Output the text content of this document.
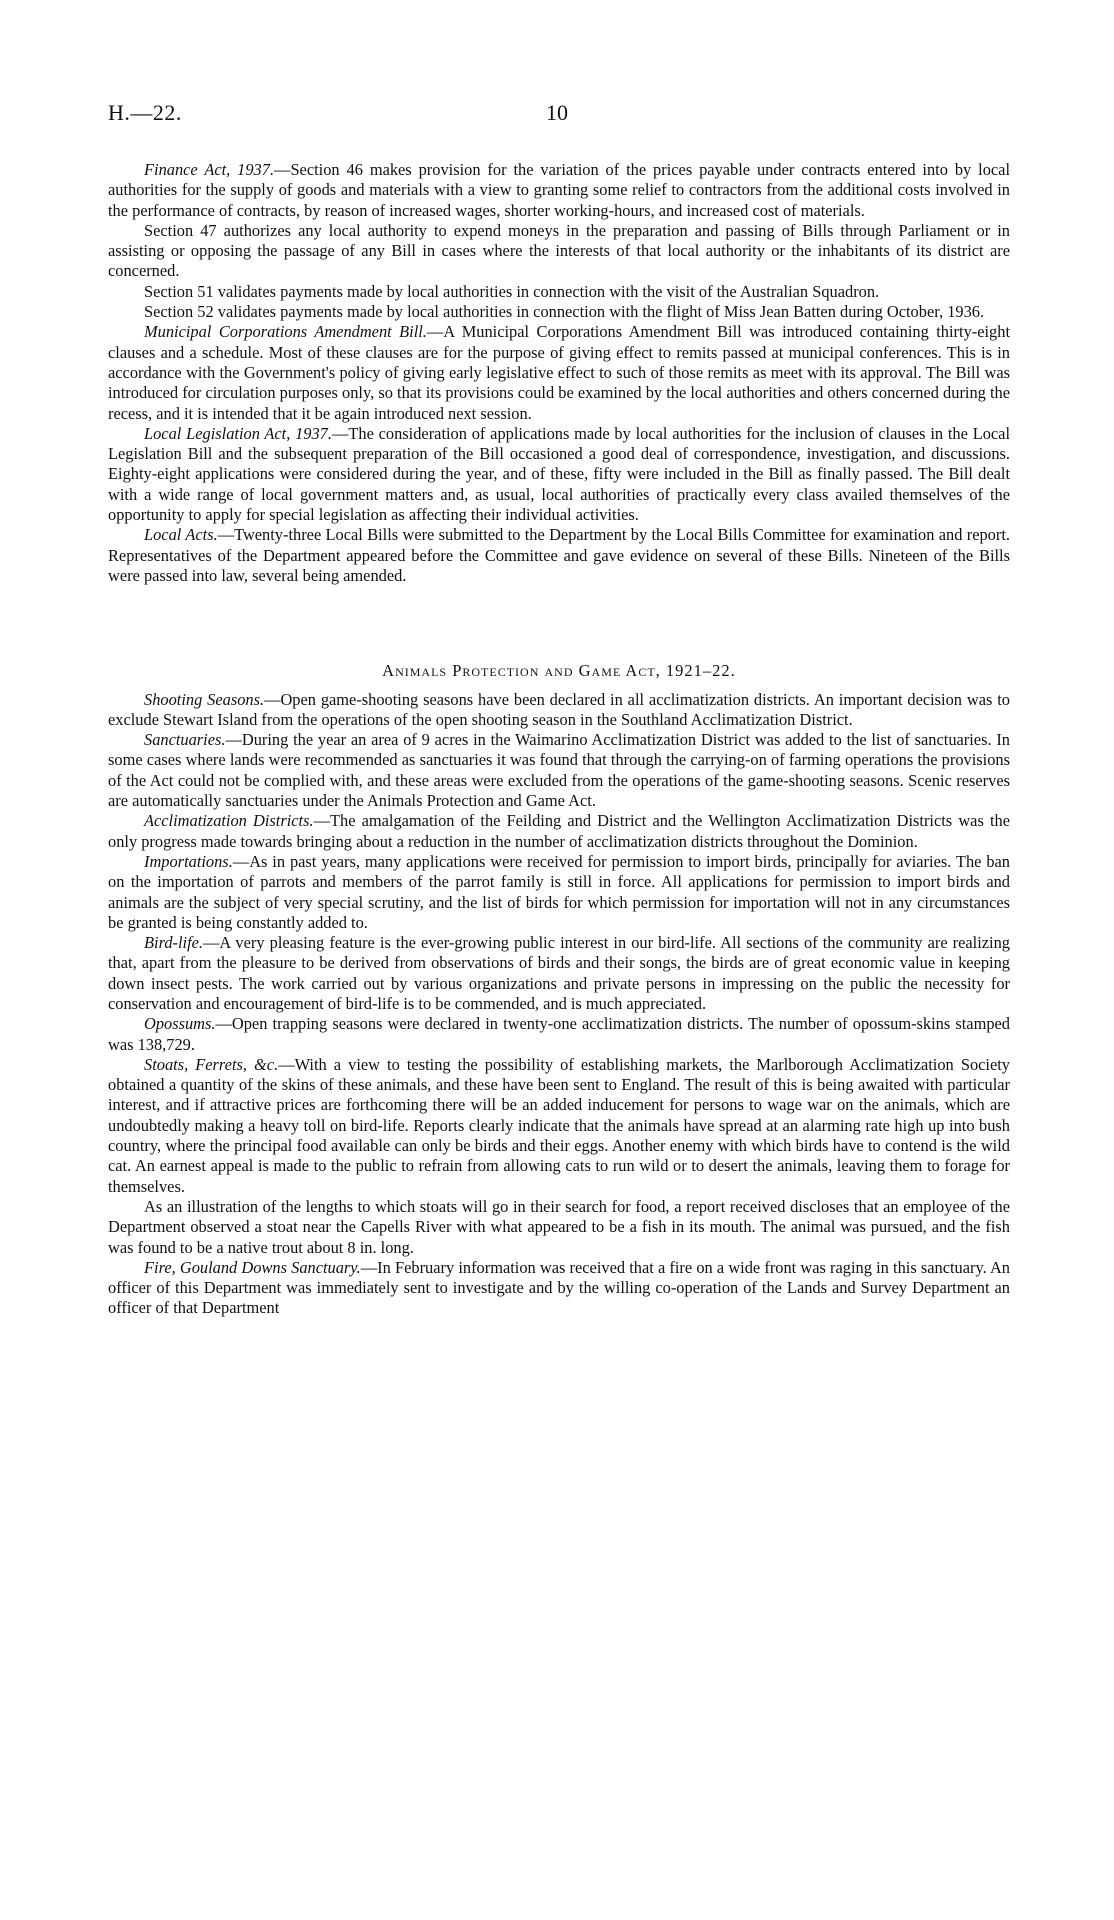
H.—22.	10

Finance Act, 1937.—Section 46 makes provision for the variation of the prices payable under contracts entered into by local authorities for the supply of goods and materials with a view to granting some relief to contractors from the additional costs involved in the performance of contracts, by reason of increased wages, shorter working-hours, and increased cost of materials.

Section 47 authorizes any local authority to expend moneys in the preparation and passing of Bills through Parliament or in assisting or opposing the passage of any Bill in cases where the interests of that local authority or the inhabitants of its district are concerned.

Section 51 validates payments made by local authorities in connection with the visit of the Australian Squadron.

Section 52 validates payments made by local authorities in connection with the flight of Miss Jean Batten during October, 1936.

Municipal Corporations Amendment Bill.—A Municipal Corporations Amendment Bill was introduced containing thirty-eight clauses and a schedule. Most of these clauses are for the purpose of giving effect to remits passed at municipal conferences. This is in accordance with the Government's policy of giving early legislative effect to such of those remits as meet with its approval. The Bill was introduced for circulation purposes only, so that its provisions could be examined by the local authorities and others concerned during the recess, and it is intended that it be again introduced next session.

Local Legislation Act, 1937.—The consideration of applications made by local authorities for the inclusion of clauses in the Local Legislation Bill and the subsequent preparation of the Bill occasioned a good deal of correspondence, investigation, and discussions. Eighty-eight applications were considered during the year, and of these, fifty were included in the Bill as finally passed. The Bill dealt with a wide range of local government matters and, as usual, local authorities of practically every class availed themselves of the opportunity to apply for special legislation as affecting their individual activities.

Local Acts.—Twenty-three Local Bills were submitted to the Department by the Local Bills Committee for examination and report. Representatives of the Department appeared before the Committee and gave evidence on several of these Bills. Nineteen of the Bills were passed into law, several being amended.

Animals Protection and Game Act, 1921–22.

Shooting Seasons.—Open game-shooting seasons have been declared in all acclimatization districts. An important decision was to exclude Stewart Island from the operations of the open shooting season in the Southland Acclimatization District.

Sanctuaries.—During the year an area of 9 acres in the Waimarino Acclimatization District was added to the list of sanctuaries. In some cases where lands were recommended as sanctuaries it was found that through the carrying-on of farming operations the provisions of the Act could not be complied with, and these areas were excluded from the operations of the game-shooting seasons. Scenic reserves are automatically sanctuaries under the Animals Protection and Game Act.

Acclimatization Districts.—The amalgamation of the Feilding and District and the Wellington Acclimatization Districts was the only progress made towards bringing about a reduction in the number of acclimatization districts throughout the Dominion.

Importations.—As in past years, many applications were received for permission to import birds, principally for aviaries. The ban on the importation of parrots and members of the parrot family is still in force. All applications for permission to import birds and animals are the subject of very special scrutiny, and the list of birds for which permission for importation will not in any circumstances be granted is being constantly added to.

Bird-life.—A very pleasing feature is the ever-growing public interest in our bird-life. All sections of the community are realizing that, apart from the pleasure to be derived from observations of birds and their songs, the birds are of great economic value in keeping down insect pests. The work carried out by various organizations and private persons in impressing on the public the necessity for conservation and encouragement of bird-life is to be commended, and is much appreciated.

Opossums.—Open trapping seasons were declared in twenty-one acclimatization districts. The number of opossum-skins stamped was 138,729.

Stoats, Ferrets, &c.—With a view to testing the possibility of establishing markets, the Marlborough Acclimatization Society obtained a quantity of the skins of these animals, and these have been sent to England. The result of this is being awaited with particular interest, and if attractive prices are forthcoming there will be an added inducement for persons to wage war on the animals, which are undoubtedly making a heavy toll on bird-life. Reports clearly indicate that the animals have spread at an alarming rate high up into bush country, where the principal food available can only be birds and their eggs. Another enemy with which birds have to contend is the wild cat. An earnest appeal is made to the public to refrain from allowing cats to run wild or to desert the animals, leaving them to forage for themselves.

As an illustration of the lengths to which stoats will go in their search for food, a report received discloses that an employee of the Department observed a stoat near the Capells River with what appeared to be a fish in its mouth. The animal was pursued, and the fish was found to be a native trout about 8 in. long.

Fire, Gouland Downs Sanctuary.—In February information was received that a fire on a wide front was raging in this sanctuary. An officer of this Department was immediately sent to investigate and by the willing co-operation of the Lands and Survey Department an officer of that Department
